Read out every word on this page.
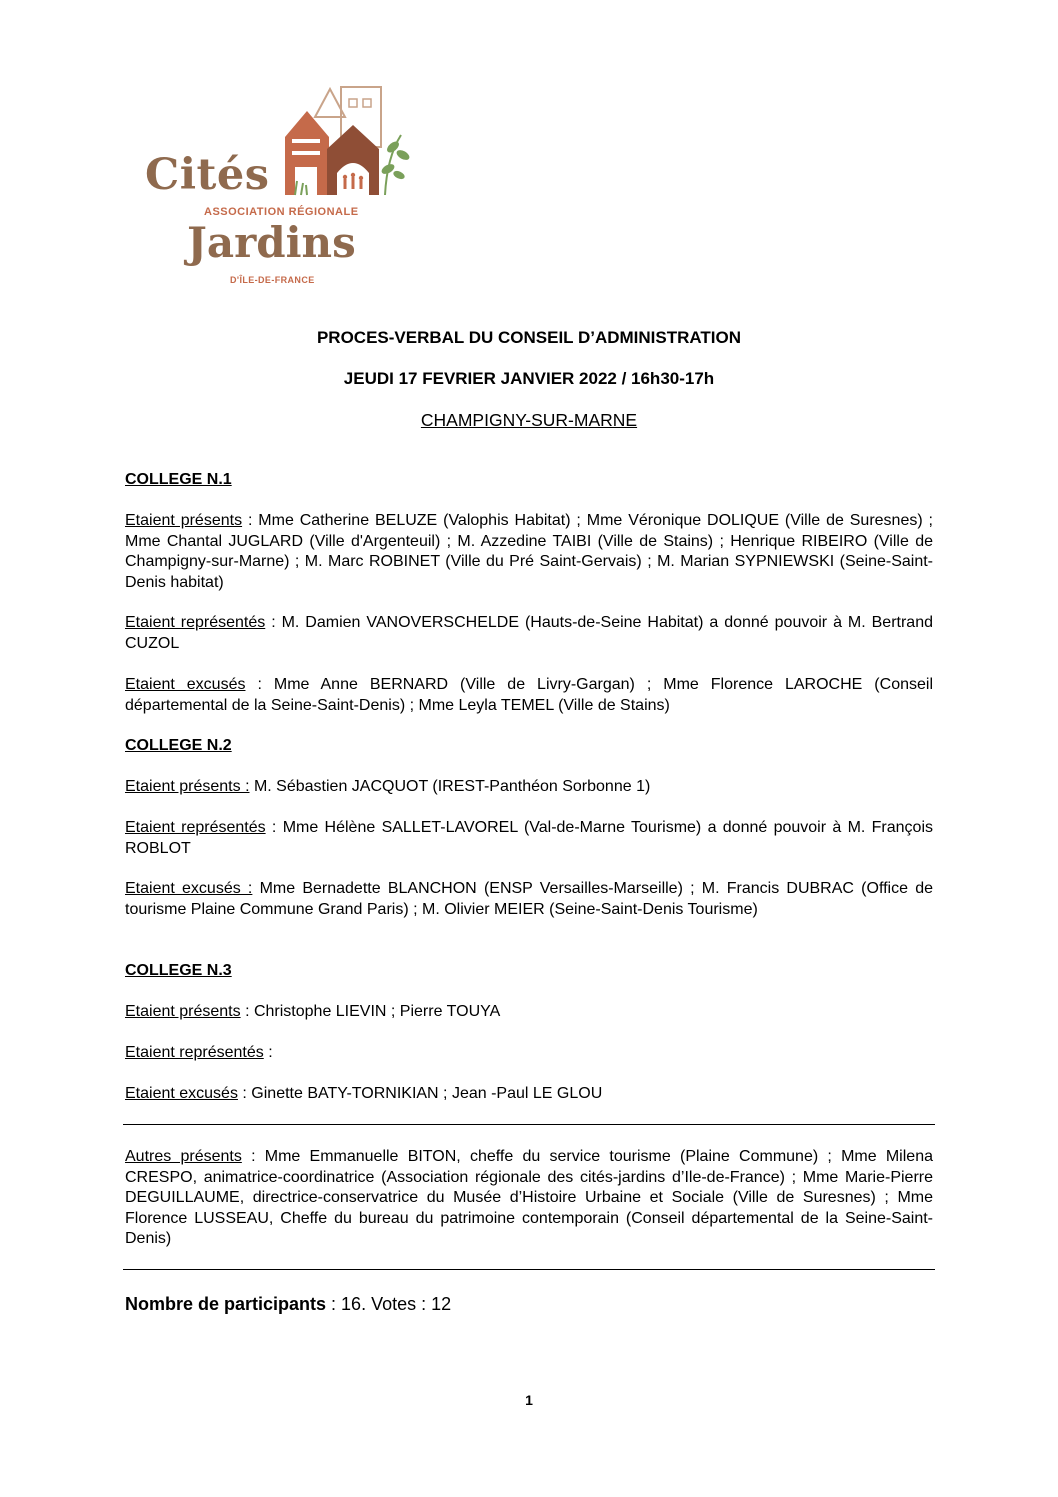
Cités
ASSOCIATION RÉGIONALE
Jardins
D'ÎLE-DE-FRANCE
PROCES-VERBAL DU CONSEIL D’ADMINISTRATION
JEUDI 17 FEVRIER JANVIER 2022 / 16h30-17h
CHAMPIGNY-SUR-MARNE
COLLEGE N.1
Etaient présents : Mme Catherine BELUZE (Valophis Habitat) ; Mme Véronique DOLIQUE (Ville de Suresnes) ; Mme Chantal JUGLARD (Ville d'Argenteuil) ; M. Azzedine TAIBI (Ville de Stains) ; Henrique RIBEIRO (Ville de Champigny-sur-Marne) ; M. Marc ROBINET (Ville du Pré Saint-Gervais) ; M. Marian SYPNIEWSKI (Seine-Saint-Denis habitat)
Etaient représentés : M. Damien VANOVERSCHELDE (Hauts-de-Seine Habitat) a donné pouvoir à M. Bertrand CUZOL
Etaient excusés : Mme Anne BERNARD (Ville de Livry-Gargan) ; Mme Florence LAROCHE (Conseil départemental de la Seine-Saint-Denis) ; Mme Leyla TEMEL (Ville de Stains)
COLLEGE N.2
Etaient présents : M. Sébastien JACQUOT (IREST-Panthéon Sorbonne 1)
Etaient représentés : Mme Hélène SALLET-LAVOREL (Val-de-Marne Tourisme) a donné pouvoir à M. François ROBLOT
Etaient excusés : Mme Bernadette BLANCHON (ENSP Versailles-Marseille) ; M. Francis DUBRAC (Office de tourisme Plaine Commune Grand Paris) ; M. Olivier MEIER (Seine-Saint-Denis Tourisme)
COLLEGE N.3
Etaient présents : Christophe LIEVIN ; Pierre TOUYA
Etaient représentés :
Etaient excusés : Ginette BATY-TORNIKIAN ; Jean -Paul LE GLOU
Autres présents : Mme Emmanuelle BITON, cheffe du service tourisme (Plaine Commune) ; Mme Milena CRESPO, animatrice-coordinatrice (Association régionale des cités-jardins d’Ile-de-France) ; Mme Marie-Pierre DEGUILLAUME, directrice-conservatrice du Musée d’Histoire Urbaine et Sociale (Ville de Suresnes) ; Mme Florence LUSSEAU, Cheffe du bureau du patrimoine contemporain (Conseil départemental de la Seine-Saint-Denis)
Nombre de participants : 16. Votes : 12
1
